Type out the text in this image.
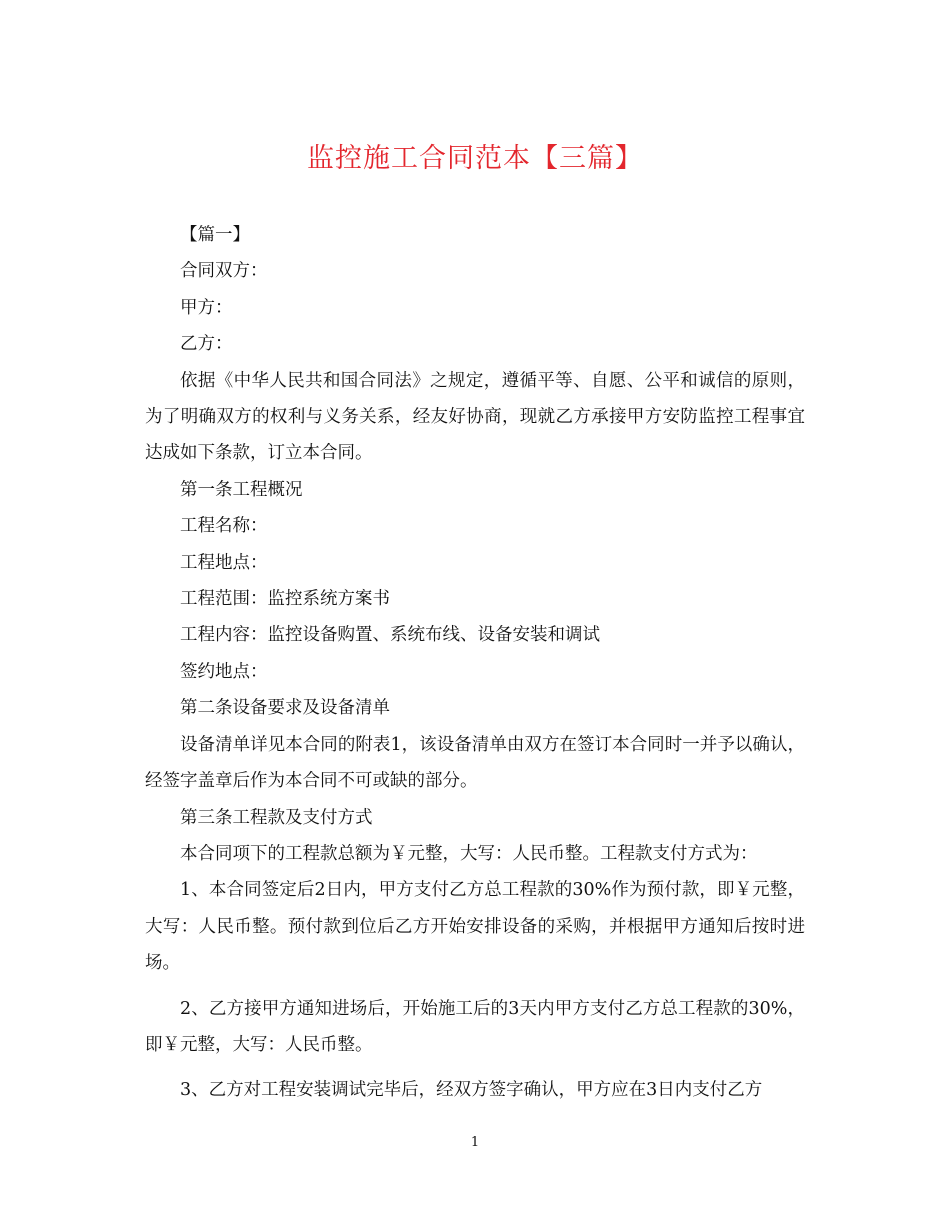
监控施工合同范本【三篇】

【篇一】

合同双方：

甲方：

乙方：

依据《中华人民共和国合同法》之规定，遵循平等、自愿、公平和诚信的原则，为了明确双方的权利与义务关系，经友好协商，现就乙方承接甲方安防监控工程事宜达成如下条款，订立本合同。

第一条工程概况

工程名称：

工程地点：

工程范围：监控系统方案书

工程内容：监控设备购置、系统布线、设备安装和调试

签约地点：

第二条设备要求及设备清单

设备清单详见本合同的附表1，该设备清单由双方在签订本合同时一并予以确认，经签字盖章后作为本合同不可或缺的部分。

第三条工程款及支付方式

本合同项下的工程款总额为￥元整，大写：人民币整。工程款支付方式为：

1、本合同签定后2日内，甲方支付乙方总工程款的30%作为预付款，即￥元整，大写：人民币整。预付款到位后乙方开始安排设备的采购，并根据甲方通知后按时进场。

2、乙方接甲方通知进场后，开始施工后的3天内甲方支付乙方总工程款的30%，即￥元整，大写：人民币整。

3、乙方对工程安装调试完毕后，经双方签字确认，甲方应在3日内支付乙方

1
